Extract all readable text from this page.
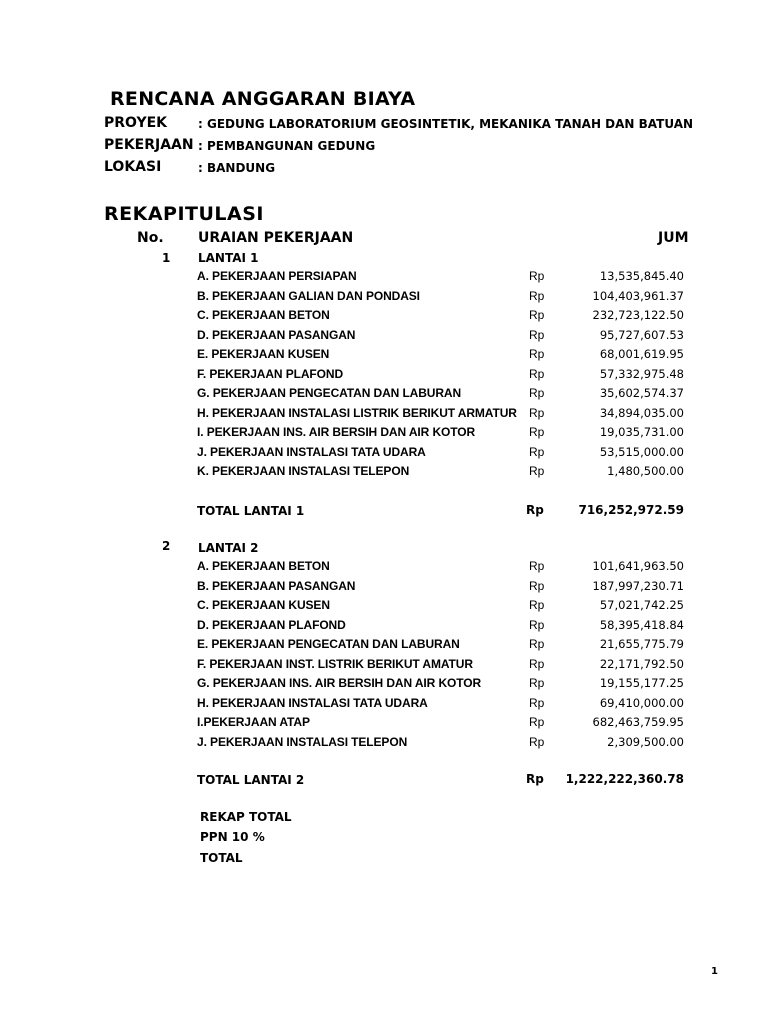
RENCANA ANGGARAN BIAYA
PROYEK	: GEDUNG LABORATORIUM GEOSINTETIK, MEKANIKA TANAH DAN BATUAN
PEKERJAAN : PEMBANGUNAN GEDUNG
LOKASI	: BANDUNG
REKAPITULASI
No. URAIAN PEKERJAAN	JUM
1 LANTAI 1
A. PEKERJAAN PERSIAPAN	Rp	13,535,845.40
B. PEKERJAAN GALIAN DAN PONDASI	Rp	104,403,961.37
C. PEKERJAAN BETON	Rp	232,723,122.50
D. PEKERJAAN PASANGAN	Rp	95,727,607.53
E. PEKERJAAN KUSEN	Rp	68,001,619.95
F. PEKERJAAN PLAFOND	Rp	57,332,975.48
G. PEKERJAAN PENGECATAN DAN LABURAN	Rp	35,602,574.37
H. PEKERJAAN INSTALASI LISTRIK BERIKUT ARMATUR Rp	34,894,035.00
I. PEKERJAAN INS. AIR BERSIH DAN AIR KOTOR	Rp	19,035,731.00
J. PEKERJAAN INSTALASI TATA UDARA	Rp	53,515,000.00
K. PEKERJAAN INSTALASI TELEPON	Rp	1,480,500.00
TOTAL LANTAI 1	Rp	716,252,972.59
2 LANTAI 2
A. PEKERJAAN BETON	Rp	101,641,963.50
B. PEKERJAAN PASANGAN	Rp	187,997,230.71
C. PEKERJAAN KUSEN	Rp	57,021,742.25
D. PEKERJAAN PLAFOND	Rp	58,395,418.84
E. PEKERJAAN PENGECATAN DAN LABURAN	Rp	21,655,775.79
F. PEKERJAAN INST. LISTRIK BERIKUT AMATUR	Rp	22,171,792.50
G. PEKERJAAN INS. AIR BERSIH DAN AIR KOTOR	Rp	19,155,177.25
H. PEKERJAAN INSTALASI TATA UDARA	Rp	69,410,000.00
I.PEKERJAAN ATAP	Rp	682,463,759.95
J. PEKERJAAN INSTALASI TELEPON	Rp	2,309,500.00
TOTAL LANTAI 2	Rp 1,222,222,360.78
REKAP TOTAL
PPN 10 %
TOTAL
1
